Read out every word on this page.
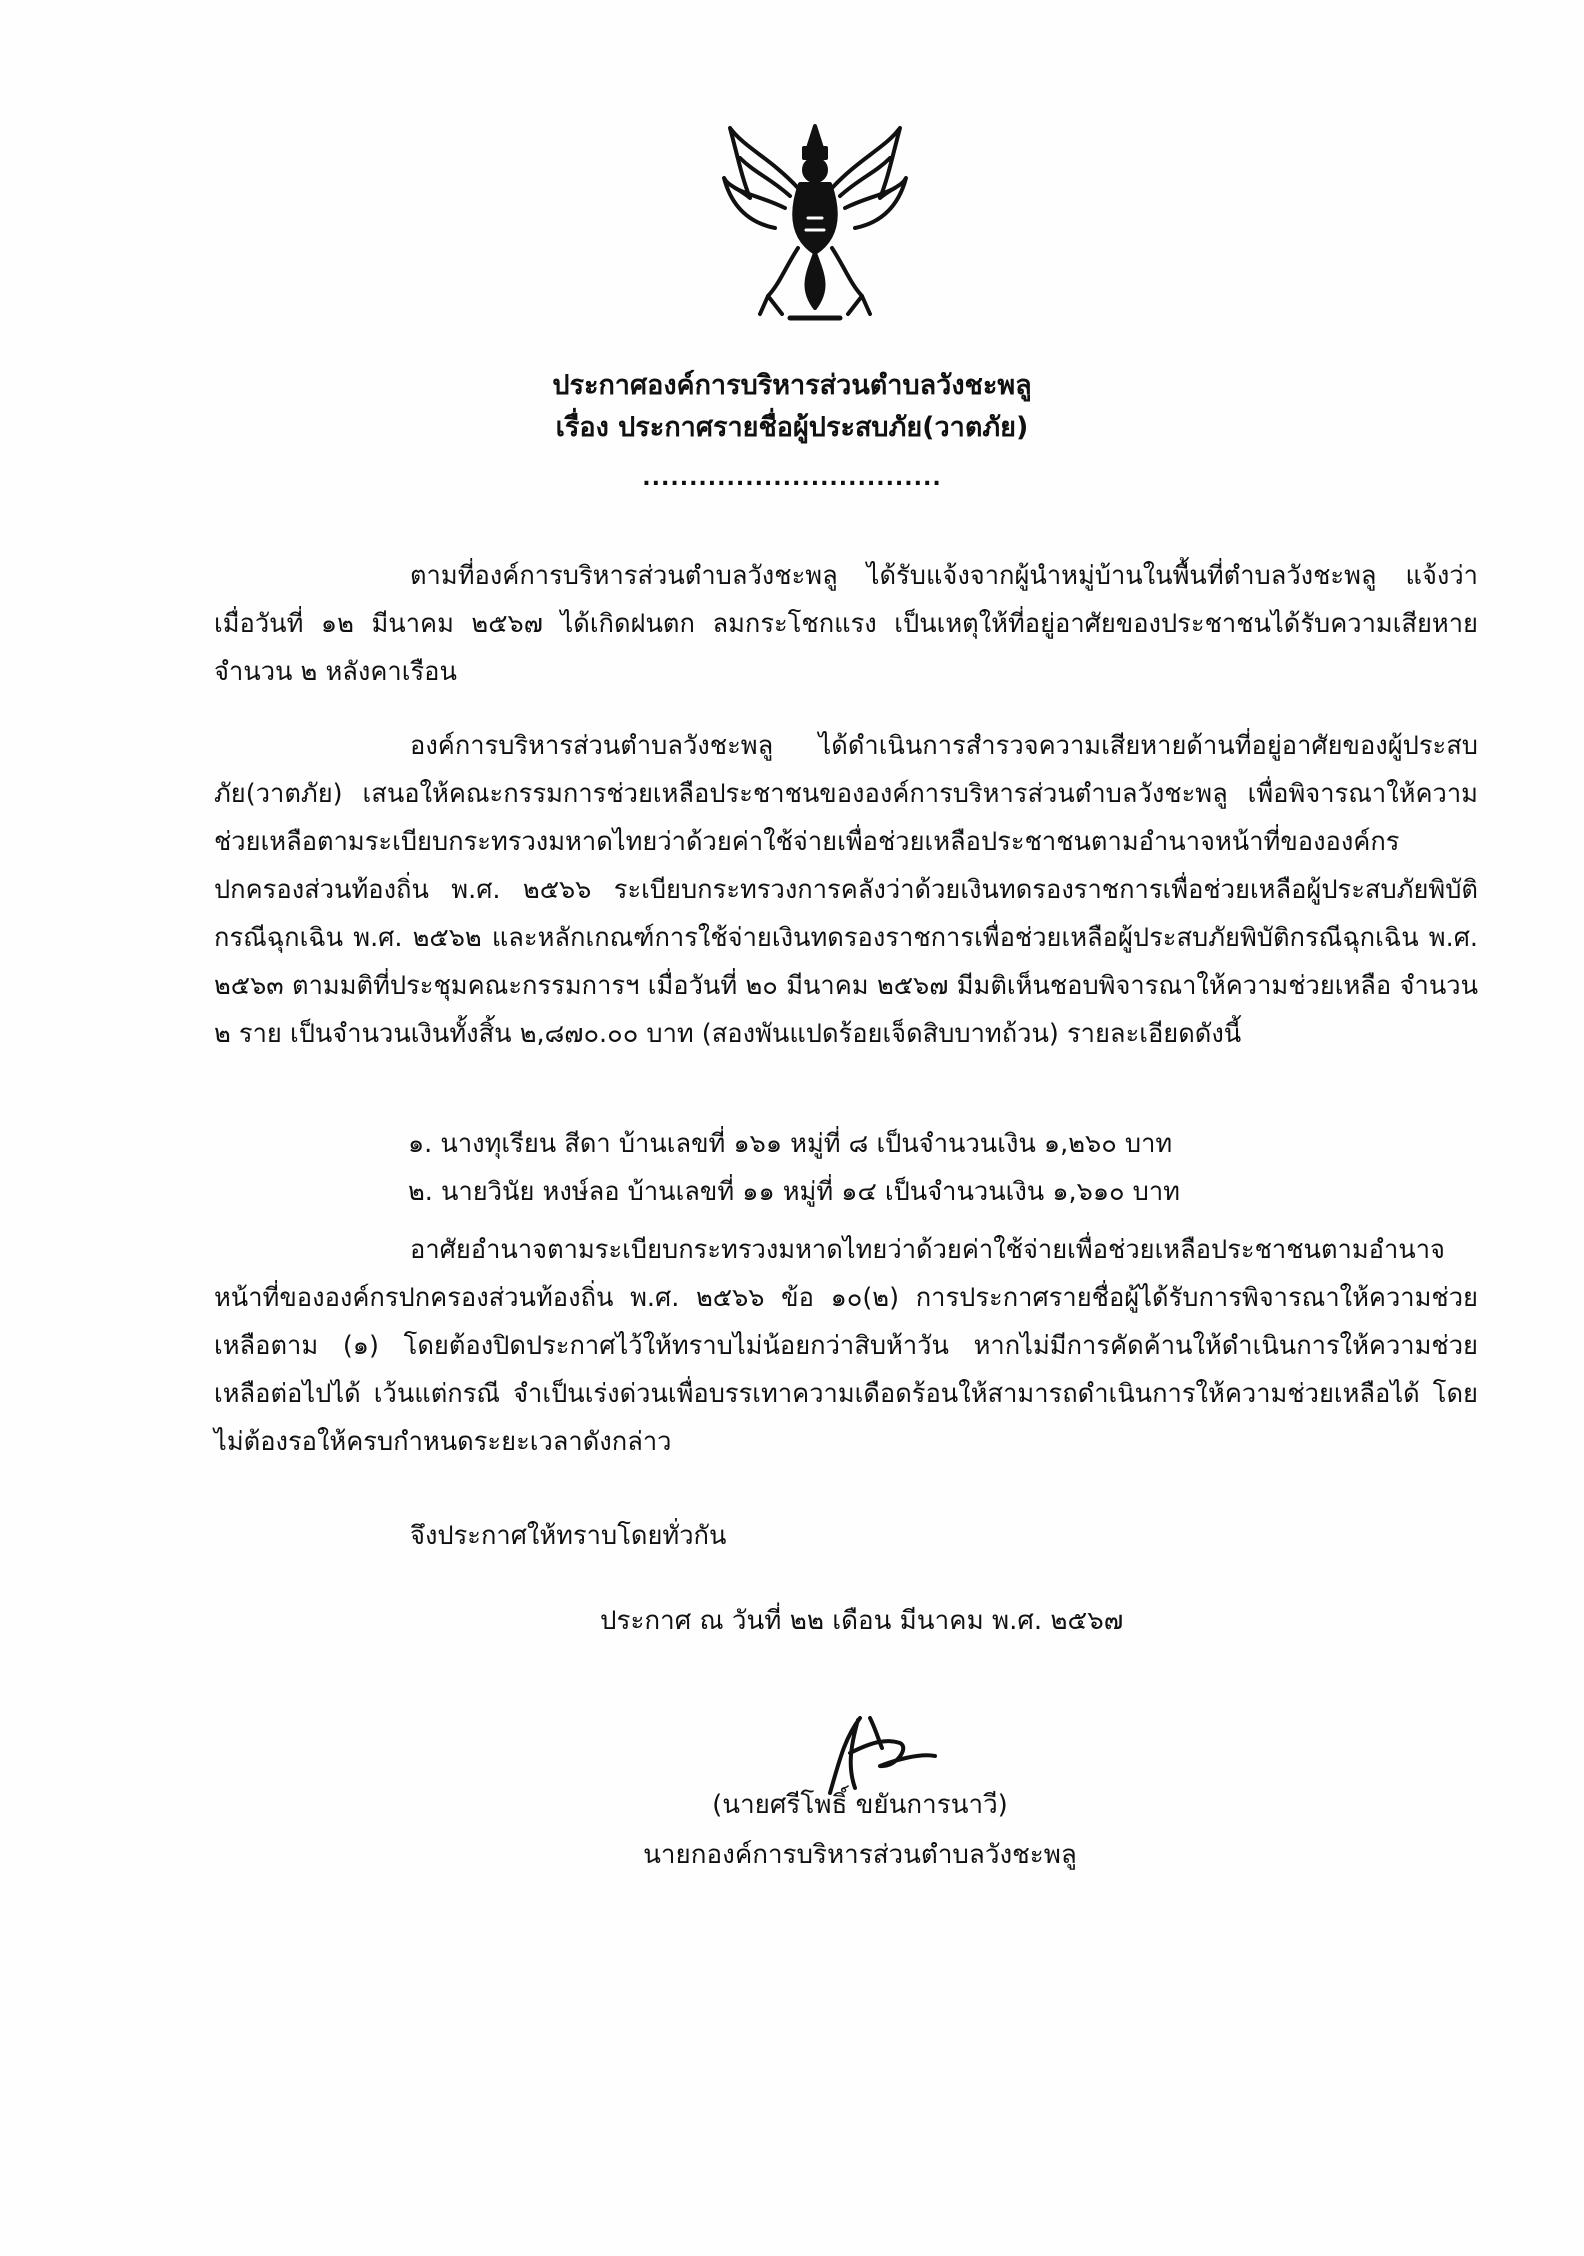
ประกาศองค์การบริหารส่วนตำบลวังชะพลู
เรื่อง ประกาศรายชื่อผู้ประสบภัย(วาตภัย)
................................

ตามที่องค์การบริหารส่วนตำบลวังชะพลู ได้รับแจ้งจากผู้นำหมู่บ้านในพื้นที่ตำบลวังชะพลู แจ้งว่า เมื่อวันที่ ๑๒ มีนาคม ๒๕๖๗ ได้เกิดฝนตก ลมกระโชกแรง เป็นเหตุให้ที่อยู่อาศัยของประชาชนได้รับความเสียหาย จำนวน ๒ หลังคาเรือน

องค์การบริหารส่วนตำบลวังชะพลู ได้ดำเนินการสำรวจความเสียหายด้านที่อยู่อาศัยของผู้ประสบภัย(วาตภัย) เสนอให้คณะกรรมการช่วยเหลือประชาชนขององค์การบริหารส่วนตำบลวังชะพลู เพื่อพิจารณาให้ความช่วยเหลือตามระเบียบกระทรวงมหาดไทยว่าด้วยค่าใช้จ่ายเพื่อช่วยเหลือประชาชนตามอำนาจหน้าที่ขององค์กรปกครองส่วนท้องถิ่น พ.ศ. ๒๕๖๖ ระเบียบกระทรวงการคลังว่าด้วยเงินทดรองราชการเพื่อช่วยเหลือผู้ประสบภัยพิบัติกรณีฉุกเฉิน พ.ศ. ๒๕๖๒ และหลักเกณฑ์การใช้จ่ายเงินทดรองราชการเพื่อช่วยเหลือผู้ประสบภัยพิบัติกรณีฉุกเฉิน พ.ศ. ๒๕๖๓ ตามมติที่ประชุมคณะกรรมการฯ เมื่อวันที่ ๒๐ มีนาคม ๒๕๖๗ มีมติเห็นชอบพิจารณาให้ความช่วยเหลือ จำนวน ๒ ราย เป็นจำนวนเงินทั้งสิ้น ๒,๘๗๐.๐๐ บาท (สองพันแปดร้อยเจ็ดสิบบาทถ้วน) รายละเอียดดังนี้

๑. นางทุเรียน สีดา บ้านเลขที่ ๑๖๑ หมู่ที่ ๘ เป็นจำนวนเงิน ๑,๒๖๐ บาท
๒. นายวินัย หงษ์ลอ บ้านเลขที่ ๑๑ หมู่ที่ ๑๔ เป็นจำนวนเงิน ๑,๖๑๐ บาท

อาศัยอำนาจตามระเบียบกระทรวงมหาดไทยว่าด้วยค่าใช้จ่ายเพื่อช่วยเหลือประชาชนตามอำนาจหน้าที่ขององค์กรปกครองส่วนท้องถิ่น พ.ศ. ๒๕๖๖ ข้อ ๑๐(๒) การประกาศรายชื่อผู้ได้รับการพิจารณาให้ความช่วยเหลือตาม (๑) โดยต้องปิดประกาศไว้ให้ทราบไม่น้อยกว่าสิบห้าวัน หากไม่มีการคัดค้านให้ดำเนินการให้ความช่วยเหลือต่อไปได้ เว้นแต่กรณี จำเป็นเร่งด่วนเพื่อบรรเทาความเดือดร้อนให้สามารถดำเนินการให้ความช่วยเหลือได้ โดยไม่ต้องรอให้ครบกำหนดระยะเวลาดังกล่าว

จึงประกาศให้ทราบโดยทั่วกัน

ประกาศ ณ วันที่ ๒๒ เดือน มีนาคม พ.ศ. ๒๕๖๗
(นายศรีโพธิ์ ขยันการนาวี)
นายกองค์การบริหารส่วนตำบลวังชะพลู
